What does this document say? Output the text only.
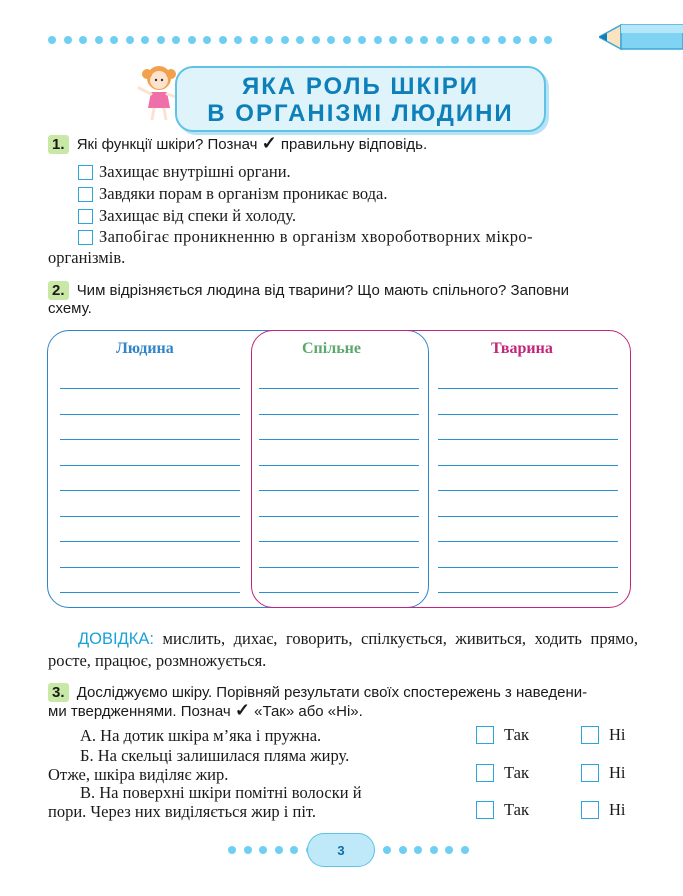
ЯКА РОЛЬ ШКІРИ
В ОРГАНІЗМІ ЛЮДИНИ
1. Які функції шкіри? Познач ✓ правильну відповідь.
Захищає внутрішні органи.
Завдяки порам в організм проникає вода.
Захищає від спеки й холоду.
Запобігає проникненню в організм хвороботворних мікро-
організмів.
2. Чим відрізняється людина від тварини? Що мають спільного? Заповни
схему.
Людина	Спільне	Тварина
ДОВІДКА: мислить, дихає, говорить, спілкується, живиться, ходить прямо, росте, працює, розмножується.
3. Досліджуємо шкіру. Порівняй результати своїх спостережень з наведени-
ми твердженнями. Познач ✓ «Так» або «Ні».
А. На дотик шкіра м’яка і пружна.
Б. На скельці залишилася пляма жиру.
Отже, шкіра виділяє жир.
В. На поверхні шкіри помітні волоски й
пори. Через них виділяється жир і піт.
Так	Ні
Так	Ні
Так	Ні
3
